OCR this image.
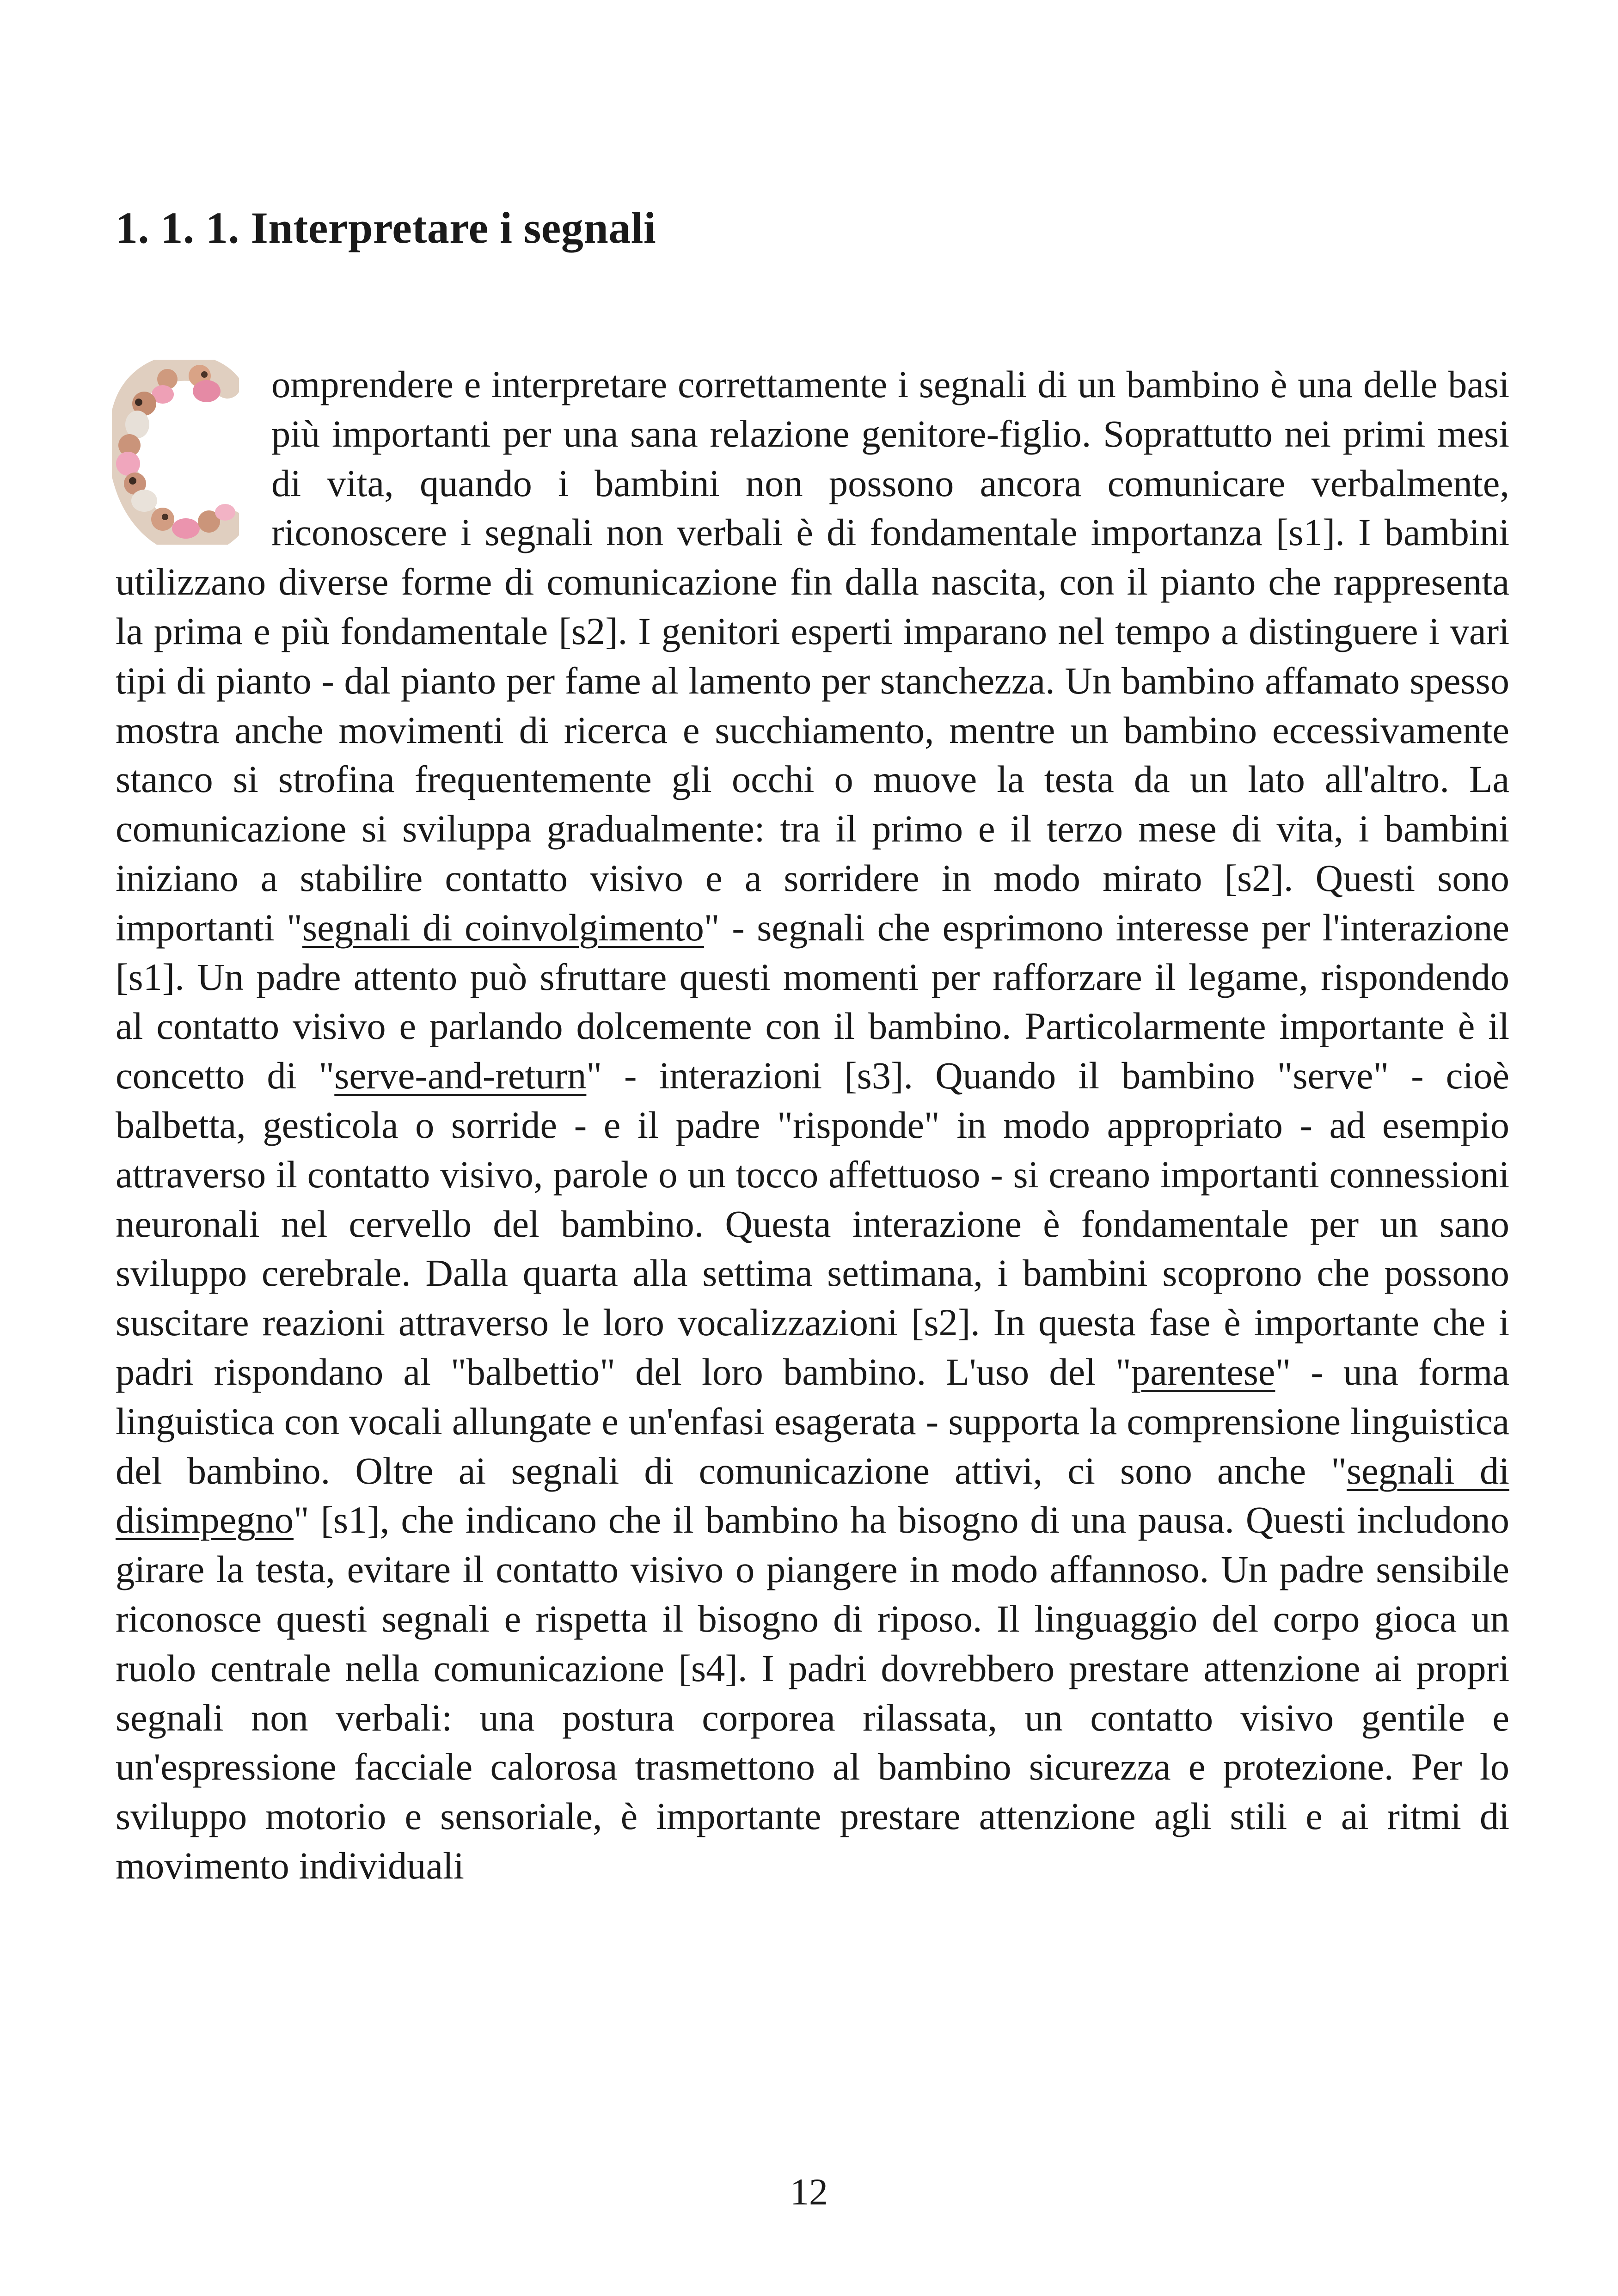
1. 1. 1. Interpretare i segnali

omprendere e interpretare correttamente i segnali di un bambino è una delle basi più importanti per una sana relazione genitore-figlio. Soprattutto nei primi mesi di vita, quando i bambini non possono ancora comunicare verbalmente, riconoscere i segnali non verbali è di fondamentale importanza [s1]. I bambini utilizzano diverse forme di comunicazione fin dalla nascita, con il pianto che rappresenta la prima e più fondamentale [s2]. I genitori esperti imparano nel tempo a distinguere i vari tipi di pianto - dal pianto per fame al lamento per stanchezza. Un bambino affamato spesso mostra anche movimenti di ricerca e succhiamento, mentre un bambino eccessivamente stanco si strofina frequentemente gli occhi o muove la testa da un lato all'altro. La comunicazione si sviluppa gradualmente: tra il primo e il terzo mese di vita, i bambini iniziano a stabilire contatto visivo e a sorridere in modo mirato [s2]. Questi sono importanti "segnali di coinvolgimento" - segnali che esprimono interesse per l'interazione [s1]. Un padre attento può sfruttare questi momenti per rafforzare il legame, rispondendo al contatto visivo e parlando dolcemente con il bambino. Particolarmente importante è il concetto di "serve-and-return" - interazioni [s3]. Quando il bambino "serve" - cioè balbetta, gesticola o sorride - e il padre "risponde" in modo appropriato - ad esempio attraverso il contatto visivo, parole o un tocco affettuoso - si creano importanti connessioni neuronali nel cervello del bambino. Questa interazione è fondamentale per un sano sviluppo cerebrale. Dalla quarta alla settima settimana, i bambini scoprono che possono suscitare reazioni attraverso le loro vocalizzazioni [s2]. In questa fase è importante che i padri rispondano al "balbettio" del loro bambino. L'uso del "parentese" - una forma linguistica con vocali allungate e un'enfasi esagerata - supporta la comprensione linguistica del bambino. Oltre ai segnali di comunicazione attivi, ci sono anche "segnali di disimpegno" [s1], che indicano che il bambino ha bisogno di una pausa. Questi includono girare la testa, evitare il contatto visivo o piangere in modo affannoso. Un padre sensibile riconosce questi segnali e rispetta il bisogno di riposo. Il linguaggio del corpo gioca un ruolo centrale nella comunicazione [s4]. I padri dovrebbero prestare attenzione ai propri segnali non verbali: una postura corporea rilassata, un contatto visivo gentile e un'espressione facciale calorosa trasmettono al bambino sicurezza e protezione. Per lo sviluppo motorio e sensoriale, è importante prestare attenzione agli stili e ai ritmi di movimento individuali

12
